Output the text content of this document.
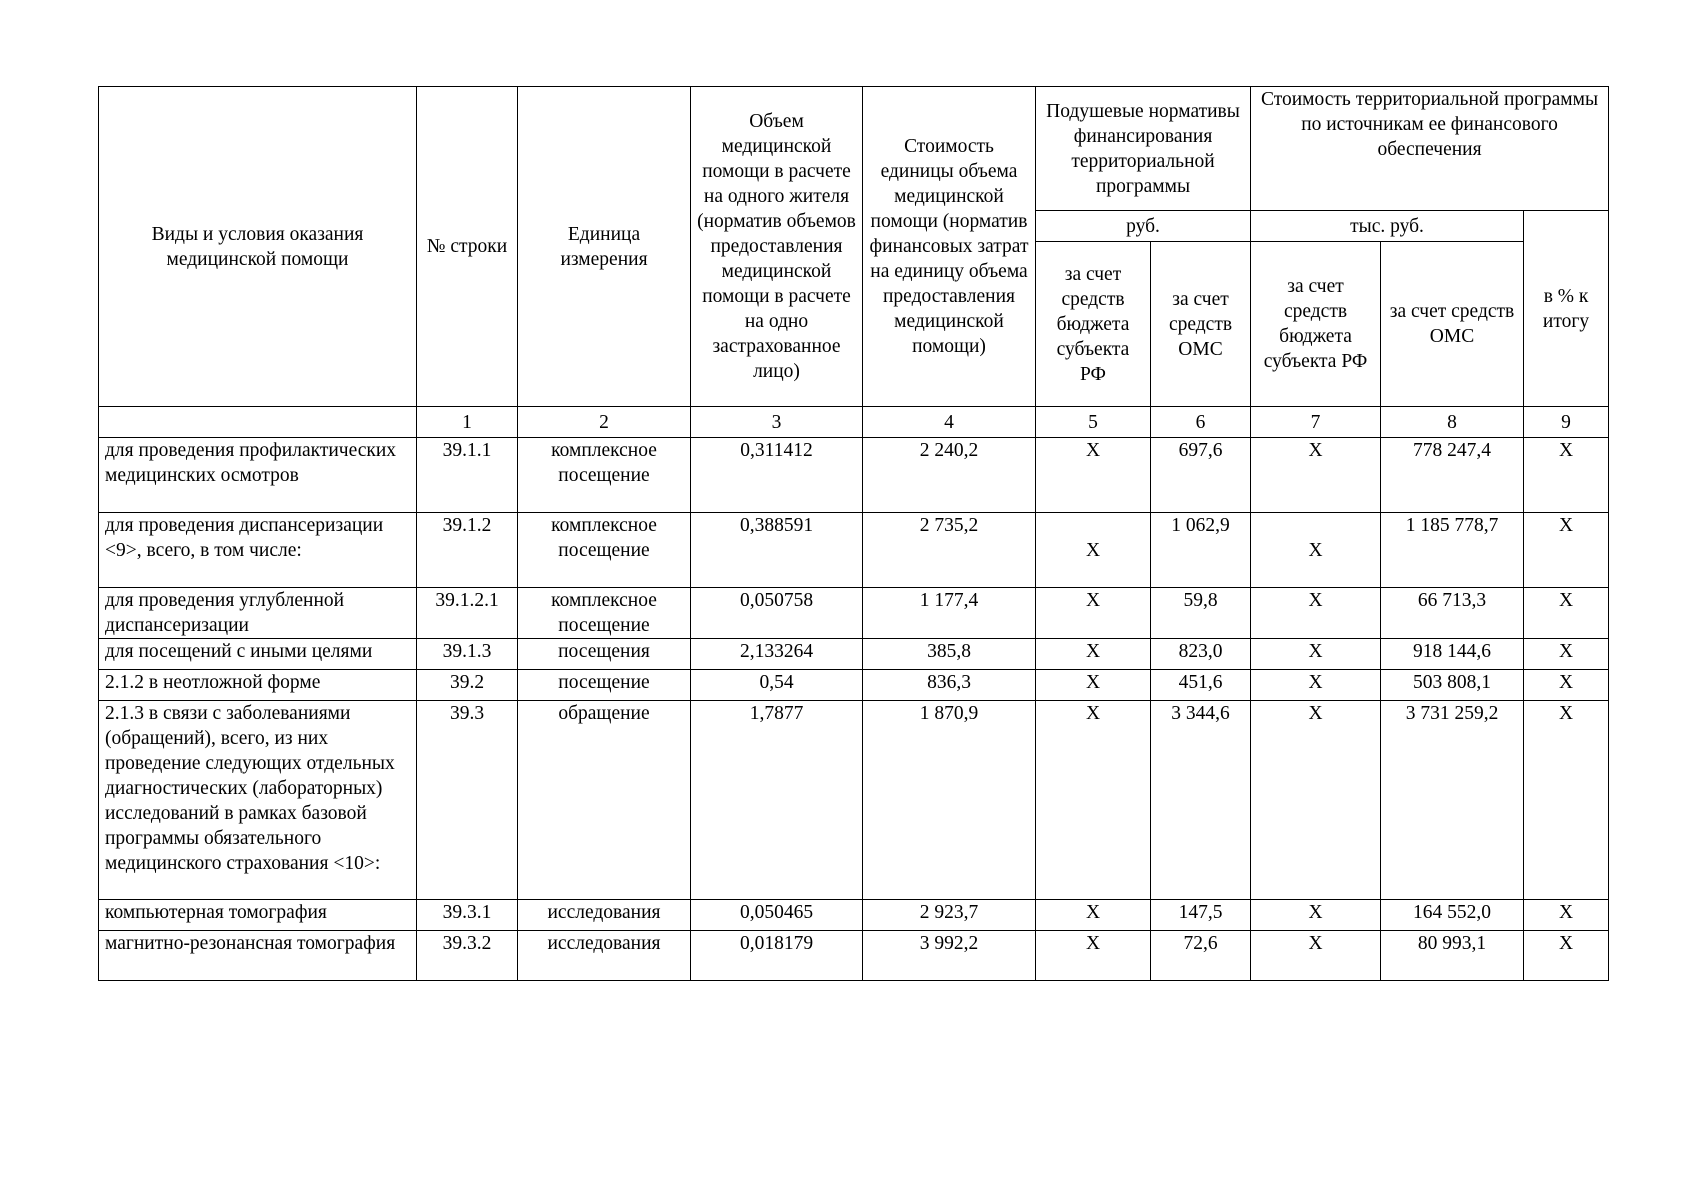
Виды и условия оказания медицинской помощи	№ строки	Единица измерения	Объем медицинской помощи в расчете на одного жителя (норматив объемов предоставления медицинской помощи в расчете на одно застрахованное лицо)	Стоимость единицы объема медицинской помощи (норматив финансовых затрат на единицу объема предоставления медицинской помощи)	Подушевые нормативы финансирования территориальной программы		Стоимость территориальной программы по источникам ее финансового обеспечения		
					руб.		тыс. руб.		в % к итогу
					за счет средств бюджета субъекта РФ	за счет средств ОМС	за счет средств бюджета субъекта РФ	за счет средств ОМС	
	1	2	3	4	5	6	7	8	9
для проведения профилактических медицинских осмотров	39.1.1	комплексное посещение	0,311412	2 240,2	X	697,6	X	778 247,4	X
для проведения диспансеризации <9>, всего, в том числе:	39.1.2	комплексное посещение	0,388591	2 735,2	X	1 062,9	X	1 185 778,7	X
для проведения углубленной диспансеризации	39.1.2.1	комплексное посещение	0,050758	1 177,4	X	59,8	X	66 713,3	X
для посещений с иными целями	39.1.3	посещения	2,133264	385,8	X	823,0	X	918 144,6	X
2.1.2 в неотложной форме	39.2	посещение	0,54	836,3	X	451,6	X	503 808,1	X
2.1.3 в связи с заболеваниями (обращений), всего, из них проведение следующих отдельных диагностических (лабораторных) исследований в рамках базовой программы обязательного медицинского страхования <10>:	39.3	обращение	1,7877	1 870,9	X	3 344,6	X	3 731 259,2	X
компьютерная томография	39.3.1	исследования	0,050465	2 923,7	X	147,5	X	164 552,0	X
магнитно-резонансная томография	39.3.2	исследования	0,018179	3 992,2	X	72,6	X	80 993,1	X
